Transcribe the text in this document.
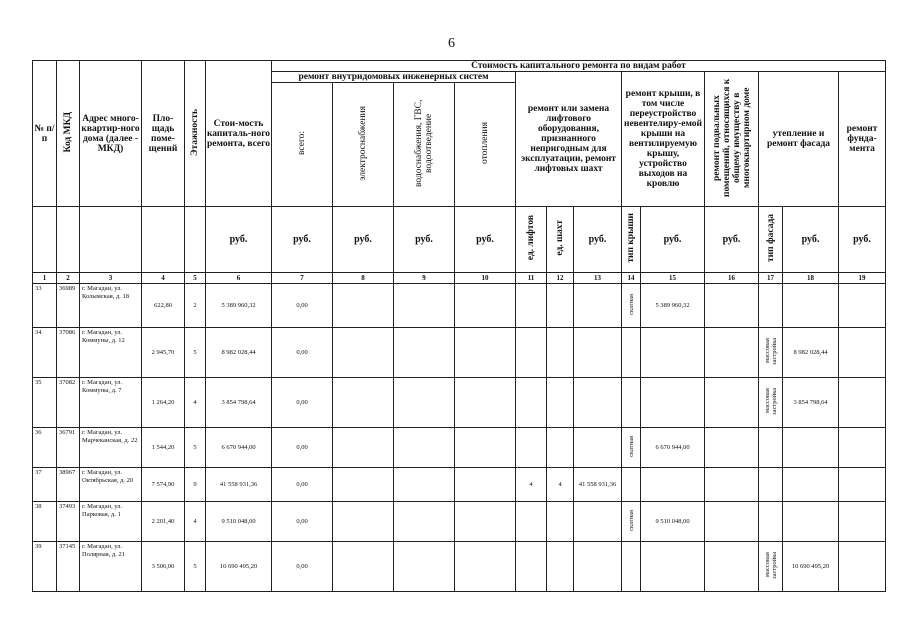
6
№ п/ п	Код МКД	Адрес много-квартир-ного дома (далее - МКД)	Пло-щадь поме-щений	Этажность	Стои-мость капиталь-ного ремонта, всего	Стоимость капитального ремонта по видам работ												
						ремонт внутридомовых инженерных систем				ремонт или замена лифтового оборудования, признанного непригодным для эксплуатации, ремонт лифтовых шахт			ремонт крыши, в том числе переустройство невентелиру-емой крыши на вентилируемую крышу, устройство выходов на кровлю		ремонт подвальных помещений, относящихся к общему имуществу в многоквартирном доме	утепление и ремонт фасада		ремонт фунда-мента
						всего:	электроснабжения	водоснабжения, ГВС, водоотведение	отопления									
					руб.	руб.	руб.	руб.	руб.	ед. лифтов	ед. шахт	руб.	тип крыши	руб.	руб.	тип фасада	руб.	руб.
1	2	3	4	5	6	7	8	9	10	11	12	13	14	15	16	17	18	19
33	36989	г. Магадан, ул. Колымская, д. 18	622,80	2	5 389 960,32	0,00							скатная	5 389 960,32				
34	37086	г. Магадан, ул. Коммуны, д. 12	2 945,70	5	8 982 028,44	0,00										массовая застройка	8 982 028,44	
35	37082	г. Магадан, ул. Коммуны, д. 7	1 264,20	4	3 854 798,64	0,00										массовая застройка	3 854 798,64	
36	36791	г. Магадан, ул. Марчеканская, д. 22	1 544,20	5	6 670 944,00	0,00							скатная	6 670 944,00				
37	38967	г. Магадан, ул. Октябрьская, д. 20	7 574,90	9	41 558 931,36	0,00				4	4	41 558 931,36						
38	37493	г. Магадан, ул. Парковая, д. 1	2 201,40	4	9 510 048,00	0,00							скатная	9 510 048,00				
39	37145	г. Магадан, ул. Полярная, д. 21	3 506,00	5	10 690 495,20	0,00										массовая застройка	10 690 495,20	
